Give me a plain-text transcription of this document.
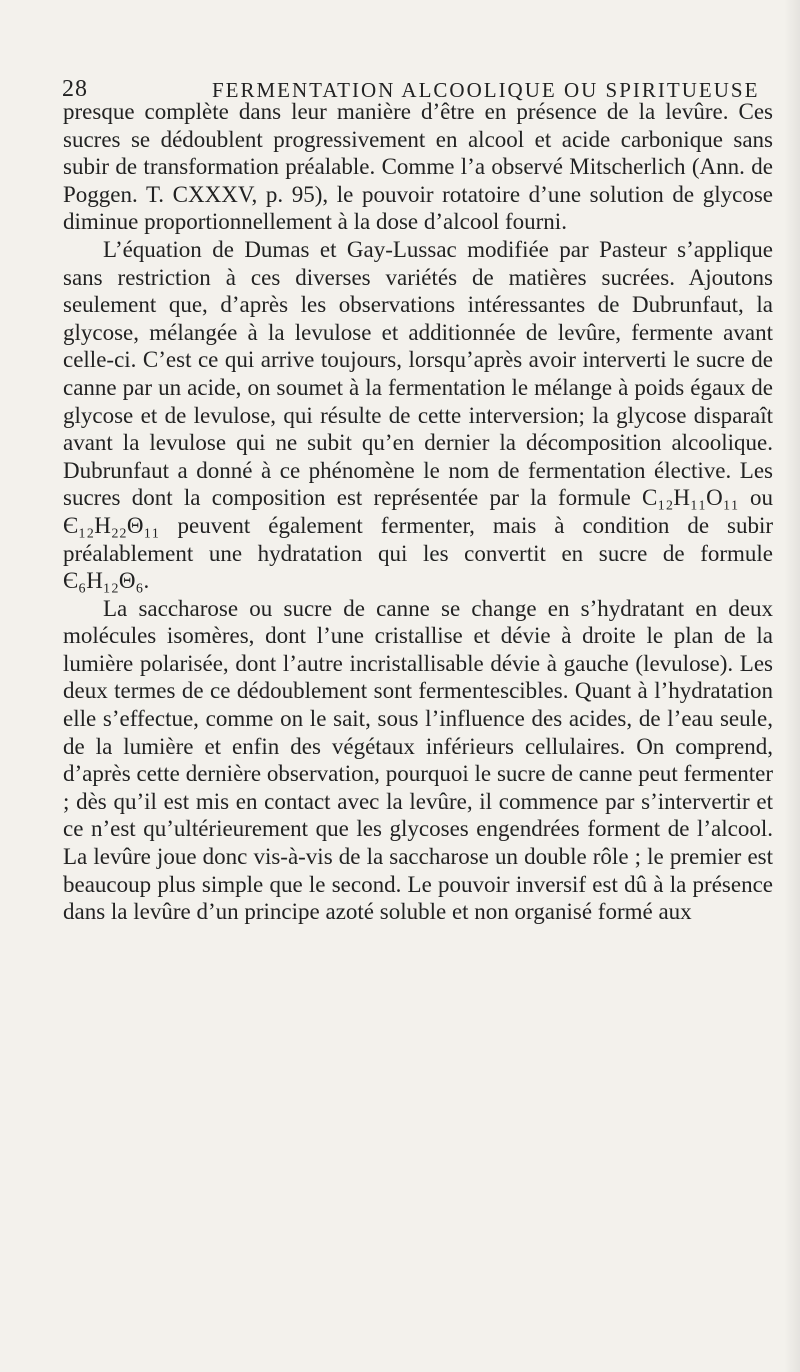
28	FERMENTATION ALCOOLIQUE OU SPIRITUEUSE

presque complète dans leur manière d’être en présence de la levûre. Ces sucres se dédoublent progressivement en alcool et acide carbonique sans subir de transformation préalable. Comme l’a observé Mitscherlich (Ann. de Poggen. T. CXXXV, p. 95), le pouvoir rotatoire d’une solution de glycose diminue proportionnellement à la dose d’alcool fourni.

L’équation de Dumas et Gay-Lussac modifiée par Pasteur s’applique sans restriction à ces diverses variétés de matières sucrées. Ajoutons seulement que, d’après les observations intéressantes de Dubrunfaut, la glycose, mélangée à la levulose et additionnée de levûre, fermente avant celle-ci. C’est ce qui arrive toujours, lorsqu’après avoir interverti le sucre de canne par un acide, on soumet à la fermentation le mélange à poids égaux de glycose et de levulose, qui résulte de cette interversion; la glycose disparaît avant la levulose qui ne subit qu’en dernier la décomposition alcoolique. Dubrunfaut a donné à ce phénomène le nom de fermentation élective. Les sucres dont la composition est représentée par la formule C₁₂H₁₁O₁₁ ou Є₁₂H₂₂Θ₁₁ peuvent également fermenter, mais à condition de subir préalablement une hydratation qui les convertit en sucre de formule Є₆H₁₂Θ₆.

La saccharose ou sucre de canne se change en s’hydratant en deux molécules isomères, dont l’une cristallise et dévie à droite le plan de la lumière polarisée, dont l’autre incristallisable dévie à gauche (levulose). Les deux termes de ce dédoublement sont fermentescibles. Quant à l’hydratation elle s’effectue, comme on le sait, sous l’influence des acides, de l’eau seule, de la lumière et enfin des végétaux inférieurs cellulaires. On comprend, d’après cette dernière observation, pourquoi le sucre de canne peut fermenter ; dès qu’il est mis en contact avec la levûre, il commence par s’intervertir et ce n’est qu’ultérieurement que les glycoses engendrées forment de l’alcool. La levûre joue donc vis-à-vis de la saccharose un double rôle ; le premier est beaucoup plus simple que le second. Le pouvoir inversif est dû à la présence dans la levûre d’un principe azoté soluble et non organisé formé aux
